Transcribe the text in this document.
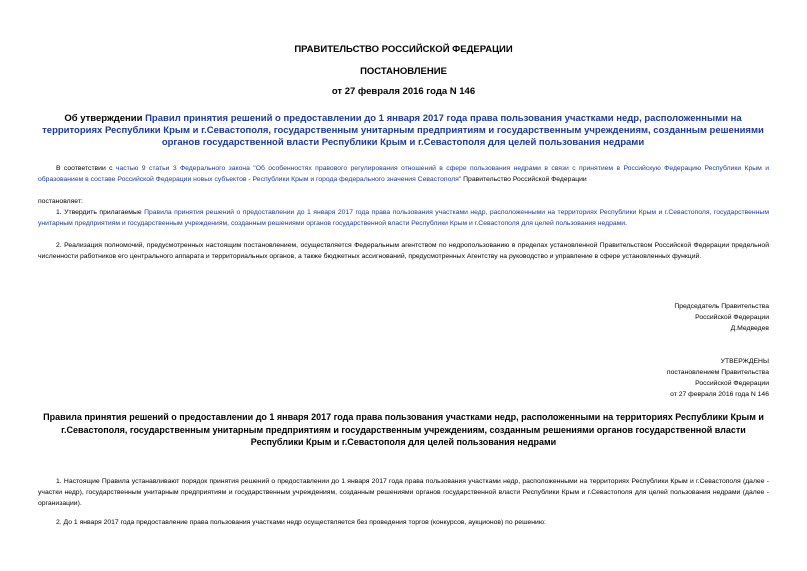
ПРАВИТЕЛЬСТВО РОССИЙСКОЙ ФЕДЕРАЦИИ
ПОСТАНОВЛЕНИЕ
от 27 февраля 2016 года N 146
Об утверждении Правил принятия решений о предоставлении до 1 января 2017 года права пользования участками недр, расположенными на территориях Республики Крым и г.Севастополя, государственным унитарным предприятиям и государственным учреждениям, созданным решениями органов государственной власти Республики Крым и г.Севастополя для целей пользования недрами
В соответствии с частью 9 статьи 3 Федерального закона "Об особенностях правового регулирования отношений в сфере пользования недрами в связи с принятием в Российскую Федерацию Республики Крым и образованием в составе Российской Федерации новых субъектов - Республики Крым и города федерального значения Севастополя" Правительство Российской Федерации
постановляет:
1. Утвердить прилагаемые Правила принятия решений о предоставлении до 1 января 2017 года права пользования участками недр, расположенными на территориях Республики Крым и г.Севастополя, государственным унитарным предприятиям и государственным учреждениям, созданным решениями органов государственной власти Республики Крым и г.Севастополя для целей пользования недрами.
2. Реализация полномочий, предусмотренных настоящим постановлением, осуществляется Федеральным агентством по недропользованию в пределах установленной Правительством Российской Федерации предельной численности работников его центрального аппарата и территориальных органов, а также бюджетных ассигнований, предусмотренных Агентству на руководство и управление в сфере установленных функций.
Председатель Правительства
Российской Федерации
Д.Медведев
УТВЕРЖДЕНЫ
постановлением Правительства
Российской Федерации
от 27 февраля 2016 года N 146
Правила принятия решений о предоставлении до 1 января 2017 года права пользования участками недр, расположенными на территориях Республики Крым и г.Севастополя, государственным унитарным предприятиям и государственным учреждениям, созданным решениями органов государственной власти Республики Крым и г.Севастополя для целей пользования недрами
1. Настоящие Правила устанавливают порядок принятия решений о предоставлении до 1 января 2017 года права пользования участками недр, расположенными на территориях Республики Крым и г.Севастополя (далее - участки недр), государственным унитарным предприятиям и государственным учреждениям, созданным решениями органов государственной власти Республики Крым и г.Севастополя для целей пользования недрами (далее - организации).
2. До 1 января 2017 года предоставление права пользования участками недр осуществляется без проведения торгов (конкурсов, аукционов) по решению:
